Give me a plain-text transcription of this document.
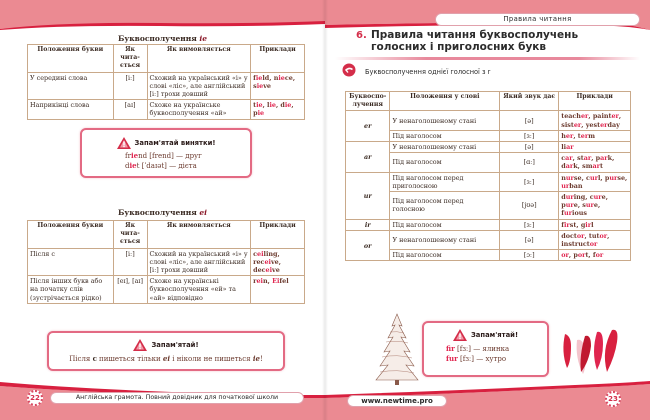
Буквосполучення ie
Положення букви	Як чита-ється	Як вимовляється	Приклади
У середині слова	[iː]	Схожий на український «і» у слові «ліс», але англійський [iː] трохи довший	field, niece, sieve
Наприкінці слова	[aɪ]	Схоже на українське буквосполучення «ай»	tie, lie, die, pie
Запам'ятай винятки!
friend [frend] — друг
diet [ˈdaɪət] — дієта
Буквосполучення ei
Положення букви	Як чита-ється	Як вимовляється	Приклади
Після c	[iː]	Схожий на український «і» у слові «ліс», але англійський [iː] трохи довший	ceiling, receive, deceive
Після інших букв або на початку слів (зустрічається рідко)	[eɪ], [aɪ]	Схоже на українські буквосполучення «ей» та «ай» відповідно	rein, Eifel
Запам'ятай!
Після c пишеться тільки ei і ніколи не пишеться ie!
22	Англійська грамота. Повний довідник для початкової школи
Правила читання
6. Правила читання буквосполучень голосних і приголосних букв
Буквосполучення однієї голосної з r
Буквоспо-лучення	Положення у слові	Який звук дає	Приклади
er	У ненаголошеному стані	[ə]	teacher, painter, sister, yesterday
	Під наголосом	[ɜː]	her, term
ar	У ненаголошеному стані	[ə]	liar
	Під наголосом	[ɑː]	car, star, park, dark, smart
ur	Під наголосом перед приголосною	[ɜː]	nurse, curl, purse, urban
	Під наголосом перед голосною	[jʊə]	during, cure, pure, sure, furious
ir	Під наголосом	[ɜː]	first, girl
or	У ненаголошеному стані	[ə]	doctor, tutor, instructor
	Під наголосом	[ɔː]	or, port, for
Запам'ятай!
fir [fɜː] — ялинка
fur [fɜː] — хутро
www.newtime.pro	23
